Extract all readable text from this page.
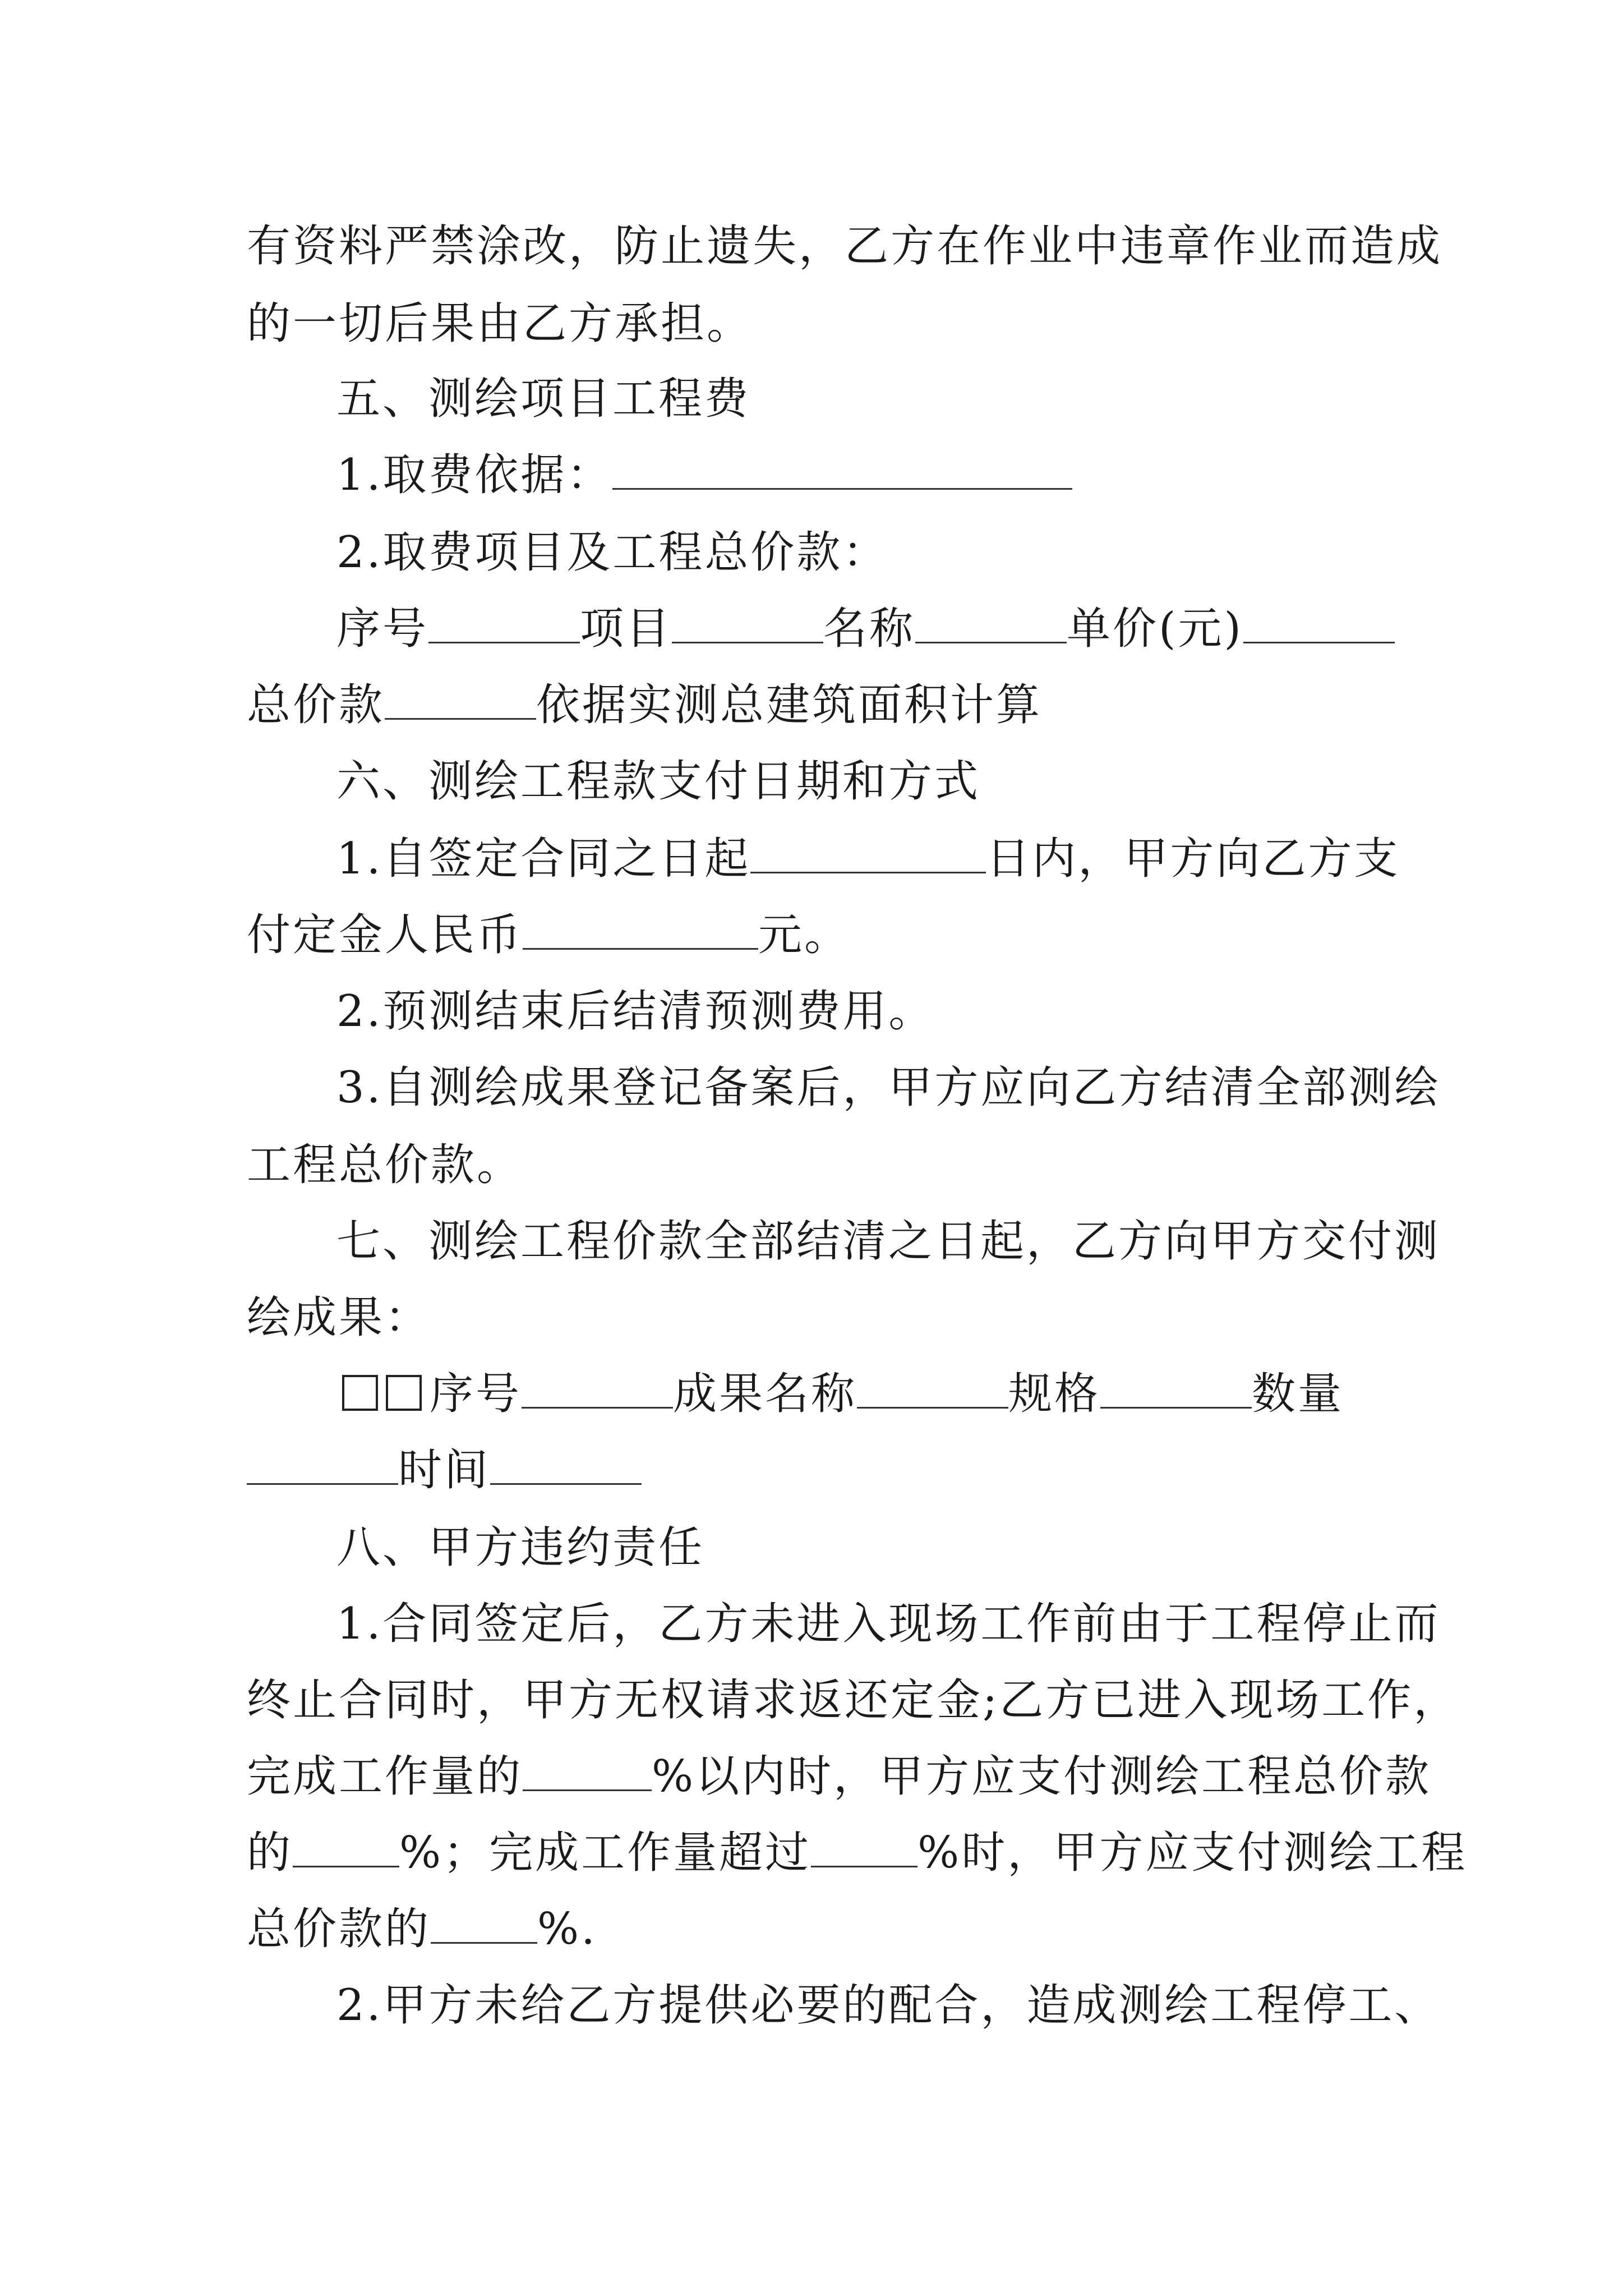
有资料严禁涂改，防止遗失，乙方在作业中违章作业而造成
的一切后果由乙方承担。
五、测绘项目工程费
1.取费依据：
2.取费项目及工程总价款：
序号	项目	名称	单价(元)
总价款	依据实测总建筑面积计算
六、测绘工程款支付日期和方式
1.自签定合同之日起	日内，甲方向乙方支
付定金人民币	元。
2.预测结束后结清预测费用。
3.自测绘成果登记备案后，甲方应向乙方结清全部测绘
工程总价款。
七、测绘工程价款全部结清之日起，乙方向甲方交付测
绘成果：
序号	成果名称	规格	数量
时间
八、甲方违约责任
1.合同签定后，乙方未进入现场工作前由于工程停止而
终止合同时，甲方无权请求返还定金;乙方已进入现场工作，
完成工作量的	%以内时，甲方应支付测绘工程总价款
的 %；完成工作量超过 %时，甲方应支付测绘工程
总价款的 %.
2.甲方未给乙方提供必要的配合，造成测绘工程停工、
